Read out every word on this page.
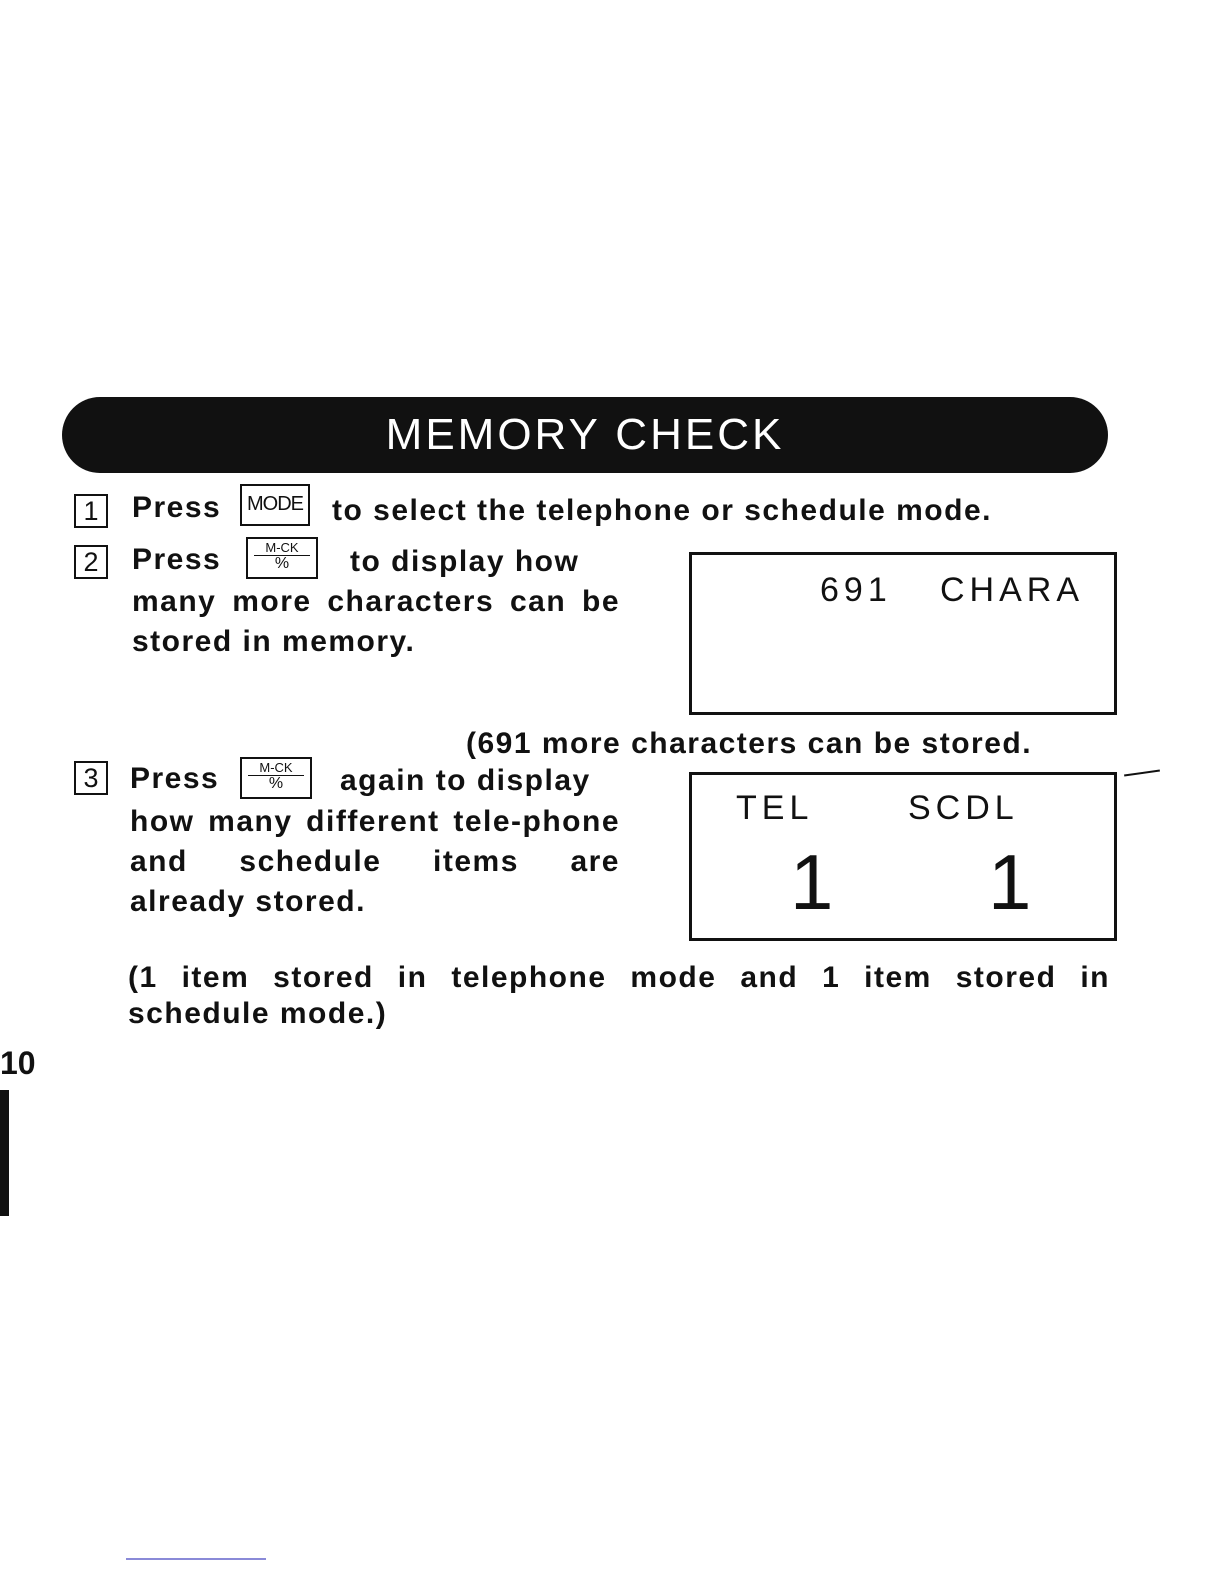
MEMORY CHECK
1	Press	MODE to select the telephone or schedule mode.
2	Press	M-CK
%	to display how
many more characters can be stored in memory.
691 CHARA
(691 more characters can be stored.
3	Press	M-CK
%	again to display
how many different tele-phone and schedule items are already stored.
TEL	SCDL
1 1
(1 item stored in telephone mode and 1 item stored in schedule mode.)
10
